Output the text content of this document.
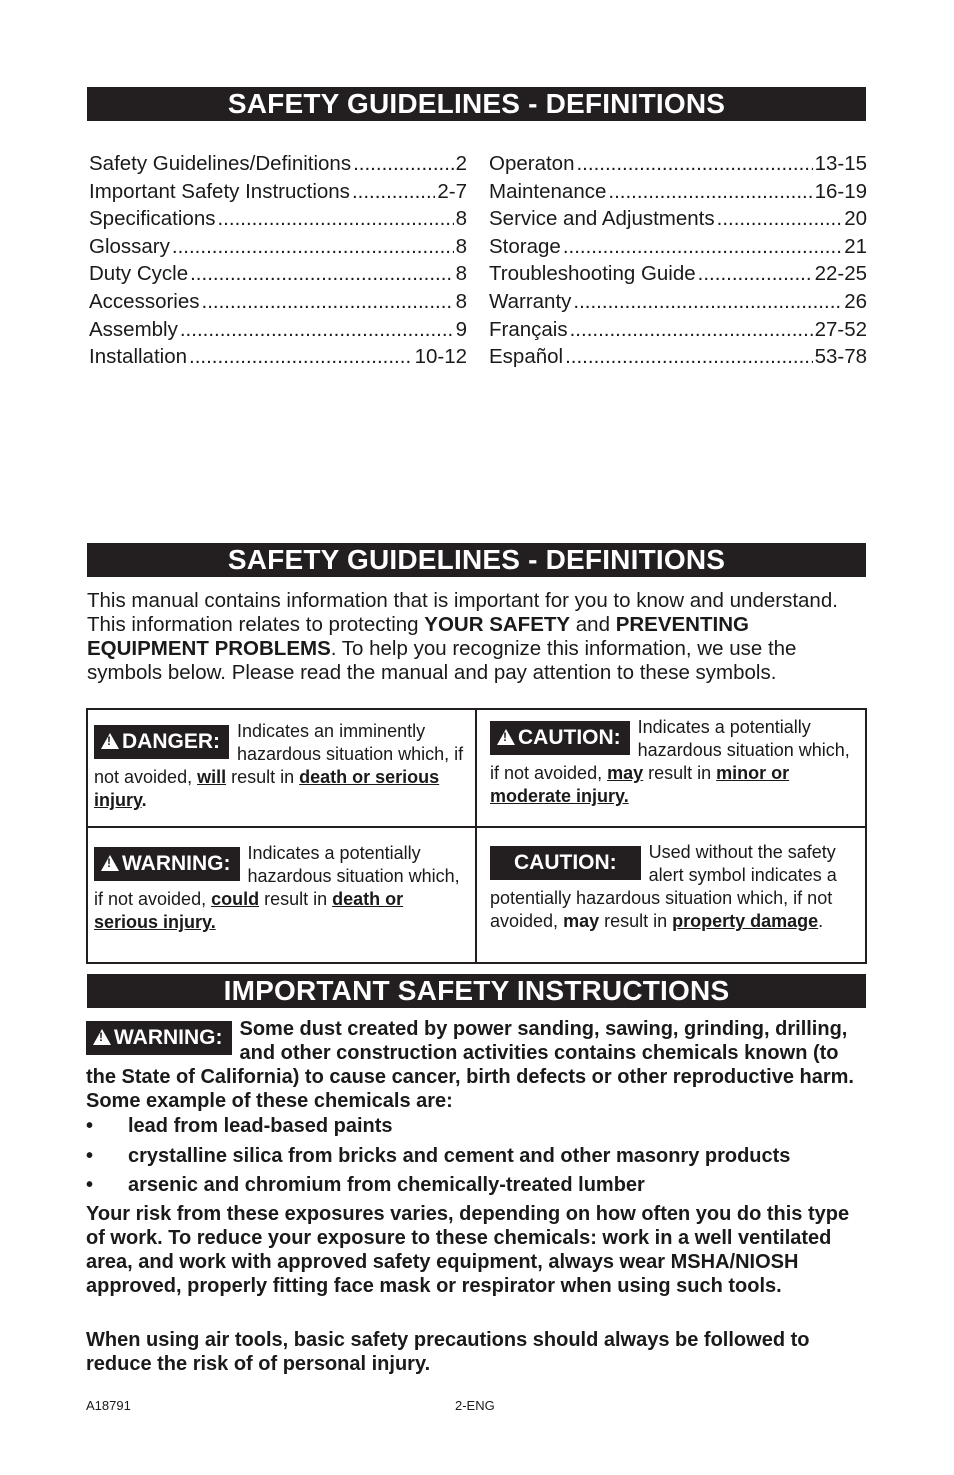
SAFETY GUIDELINES - DEFINITIONS
Safety Guidelines/Definitions .....	2
Important Safety Instructions .....	2-7
Specifications .....	8
Glossary .....	8
Duty Cycle .....	8
Accessories .....	8
Assembly .....	9
Installation .....	10-12
Operaton .....	13-15
Maintenance .....	16-19
Service and Adjustments .....	20
Storage .....	21
Troubleshooting Guide .....	22-25
Warranty .....	26
Français .....	27-52
Español .....	53-78
SAFETY GUIDELINES - DEFINITIONS
This manual contains information that is important for you to know and understand. This information relates to protecting YOUR SAFETY and PREVENTING EQUIPMENT PROBLEMS. To help you recognize this information, we use the symbols below. Please read the manual and pay attention to these symbols.
!DANGER: Indicates an imminently hazardous situation which, if not avoided, will result in death or serious injury.
!CAUTION: Indicates a potentially hazardous situation which, if not avoided, may result in minor or moderate injury.
!WARNING: Indicates a potentially hazardous situation which, if not avoided, could result in death or serious injury.
CAUTION:	Used without the safety alert symbol indicates a potentially hazardous situation which, if not avoided, may result in property damage.
IMPORTANT SAFETY INSTRUCTIONS
!WARNING: Some dust created by power sanding, sawing, grinding, drilling, and other construction activities contains chemicals known (to the State of California) to cause cancer, birth defects or other reproductive harm. Some example of these chemicals are:
•	lead from lead-based paints
•	crystalline silica from bricks and cement and other masonry products
•	arsenic and chromium from chemically-treated lumber
Your risk from these exposures varies, depending on how often you do this type of work. To reduce your exposure to these chemicals: work in a well ventilated area, and work with approved safety equipment, always wear MSHA/NIOSH approved, properly fitting face mask or respirator when using such tools.
When using air tools, basic safety precautions should always be followed to reduce the risk of of personal injury.
A18791	2-ENG
